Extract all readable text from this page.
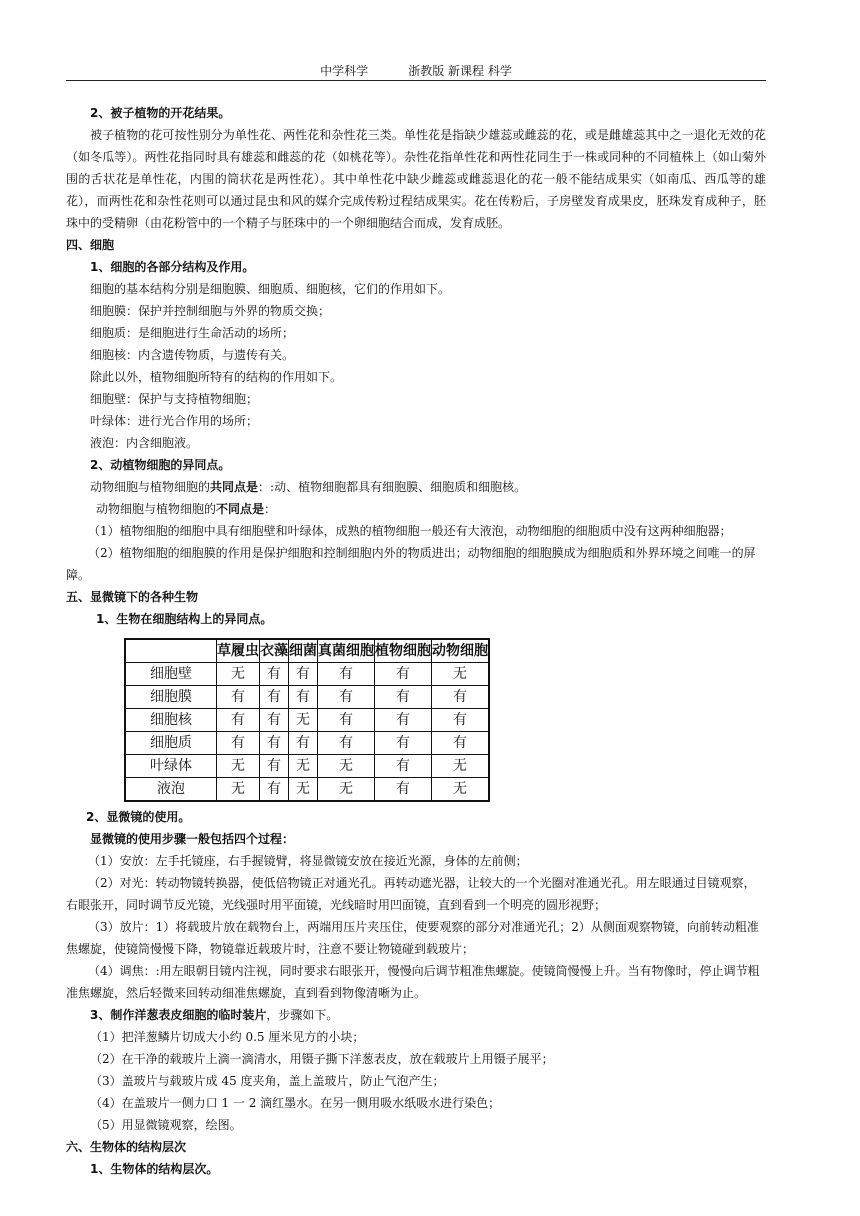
中学科学	浙教版 新课程 科学
2、被子植物的开花结果。

被子植物的花可按性别分为单性花、两性花和杂性花三类。单性花是指缺少雄蕊或雌蕊的花，或是雌雄蕊其中之一退化无效的花（如冬瓜等）。两性花指同时具有雄蕊和雌蕊的花（如桃花等）。杂性花指单性花和两性花同生于一株或同种的不同植株上（如山菊外围的舌状花是单性花，内围的筒状花是两性花）。其中单性花中缺少雌蕊或雌蕊退化的花一般不能结成果实（如南瓜、西瓜等的雄花），而两性花和杂性花则可以通过昆虫和风的媒介完成传粉过程结成果实。花在传粉后，子房壁发育成果皮，胚珠发育成种子，胚珠中的受精卵（由花粉管中的一个精子与胚珠中的一个卵细胞结合而成，发育成胚。

四、细胞
1、细胞的各部分结构及作用。
细胞的基本结构分别是细胞膜、细胞质、细胞核，它们的作用如下。
细胞膜：保护并控制细胞与外界的物质交换；
细胞质：是细胞进行生命活动的场所；
细胞核：内含遗传物质，与遗传有关。
除此以外，植物细胞所特有的结构的作用如下。
细胞壁：保护与支持植物细胞；
叶绿体：进行光合作用的场所；
液泡：内含细胞液。
2、动植物细胞的异同点。
动物细胞与植物细胞的共同点是：:动、植物细胞都具有细胞膜、细胞质和细胞核。
动物细胞与植物细胞的不同点是：
（1）植物细胞的细胞中具有细胞壁和叶绿体，成熟的植物细胞一般还有大液泡，动物细胞的细胞质中没有这两种细胞器；
（2）植物细胞的细胞膜的作用是保护细胞和控制细胞内外的物质进出；动物细胞的细胞膜成为细胞质和外界环境之间唯一的屏障。
五、显微镜下的各种生物
1、生物在细胞结构上的异同点。
	草履虫	衣藻	细菌	真菌细胞	植物细胞	动物细胞
细胞壁	无	有	有	有	有	无
细胞膜	有	有	有	有	有	有
细胞核	有	有	无	有	有	有
细胞质	有	有	有	有	有	有
叶绿体	无	有	无	无	有	无
液泡	无	有	无	无	有	无
2、显微镜的使用。
显微镜的使用步骤一般包括四个过程：
（1）安放：左手托镜座，右手握镜臂，将显微镜安放在接近光源，身体的左前侧；
（2）对光：转动物镜转换器，使低倍物镜正对通光孔。再转动遮光器，让较大的一个光圈对准通光孔。用左眼通过目镜观察，右眼张开，同时调节反光镜，光线强时用平面镜，光线暗时用凹面镜，直到看到一个明亮的圆形视野；
（3）放片：1）将载玻片放在载物台上，两端用压片夹压住，使要观察的部分对准通光孔；2）从侧面观察物镜，向前转动粗准焦螺旋，使镜筒慢慢下降，物镜靠近载玻片时，注意不要让物镜碰到载玻片；
（4）调焦：:用左眼朝目镜内注视，同时要求右眼张开，慢慢向后调节粗准焦螺旋。使镜筒慢慢上升。当有物像时，停止调节粗准焦螺旋，然后轻微来回转动细准焦螺旋，直到看到物像清晰为止。
3、制作洋葱表皮细胞的临时装片，步骤如下。
（1）把洋葱鳞片切成大小约 0.5 厘米见方的小块；
（2）在干净的载玻片上滴一滴清水，用镊子撕下洋葱表皮，放在载玻片上用镊子展平；
（3）盖玻片与载玻片成 45 度夹角，盖上盖玻片，防止气泡产生；
（4）在盖玻片一侧力口 1 一 2 滴红墨水。在另一侧用吸水纸吸水进行染色；
（5）用显微镜观察，绘图。
六、生物体的结构层次
1、生物体的结构层次。
